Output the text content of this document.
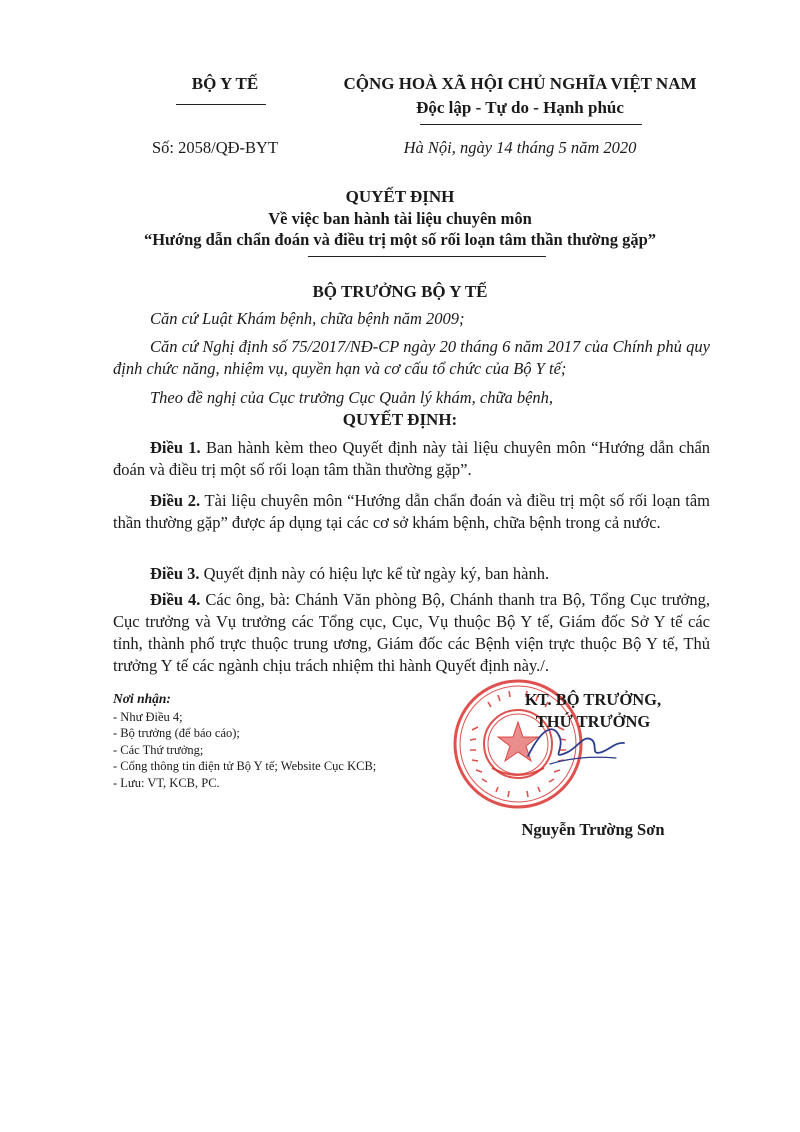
BỘ Y TẾ	CỘNG HOÀ XÃ HỘI CHỦ NGHĨA VIỆT NAM
Độc lập - Tự do - Hạnh phúc
Số: 2058/QĐ-BYT	Hà Nội, ngày 14 tháng 5 năm 2020
QUYẾT ĐỊNH
Về việc ban hành tài liệu chuyên môn
“Hướng dẫn chẩn đoán và điều trị một số rối loạn tâm thần thường gặp”
BỘ TRƯỞNG BỘ Y TẾ
Căn cứ Luật Khám bệnh, chữa bệnh năm 2009;
Căn cứ Nghị định số 75/2017/NĐ-CP ngày 20 tháng 6 năm 2017 của Chính phủ quy định chức năng, nhiệm vụ, quyền hạn và cơ cấu tổ chức của Bộ Y tế;
Theo đề nghị của Cục trưởng Cục Quản lý khám, chữa bệnh,
QUYẾT ĐỊNH:
Điều 1. Ban hành kèm theo Quyết định này tài liệu chuyên môn “Hướng dẫn chẩn đoán và điều trị một số rối loạn tâm thần thường gặp”.
Điều 2. Tài liệu chuyên môn “Hướng dẫn chẩn đoán và điều trị một số rối loạn tâm thần thường gặp” được áp dụng tại các cơ sở khám bệnh, chữa bệnh trong cả nước.
Điều 3. Quyết định này có hiệu lực kể từ ngày ký, ban hành.
Điều 4. Các ông, bà: Chánh Văn phòng Bộ, Chánh thanh tra Bộ, Tổng Cục trưởng, Cục trưởng và Vụ trưởng các Tổng cục, Cục, Vụ thuộc Bộ Y tế, Giám đốc Sở Y tế các tỉnh, thành phố trực thuộc trung ương, Giám đốc các Bệnh viện trực thuộc Bộ Y tế, Thủ trưởng Y tế các ngành chịu trách nhiệm thi hành Quyết định này./.
Nơi nhận:
- Như Điều 4;
- Bộ trưởng (để báo cáo);
- Các Thứ trưởng;
- Cổng thông tin điện tử Bộ Y tế; Website Cục KCB;
- Lưu: VT, KCB, PC.
KT. BỘ TRƯỞNG,
THỨ TRƯỞNG
Nguyễn Trường Sơn
